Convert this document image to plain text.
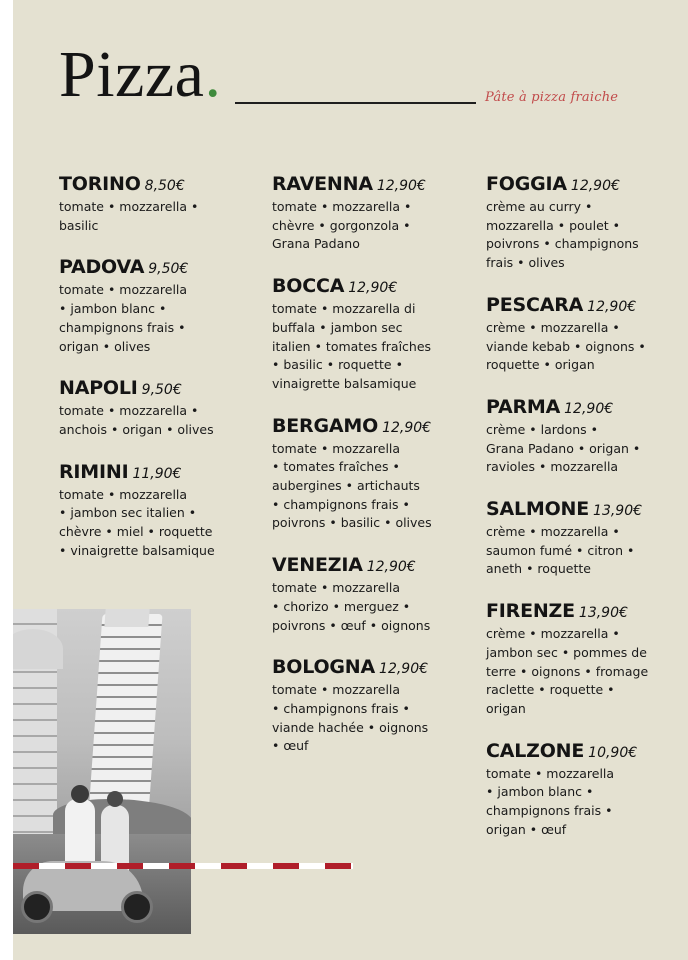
Pizza.	Pâte à pizza fraiche
TORINO 8,50€
tomate • mozzarella •
basilic
PADOVA 9,50€
tomate • mozzarella
• jambon blanc •
champignons frais •
origan • olives
NAPOLI 9,50€
tomate • mozzarella •
anchois • origan • olives
RIMINI 11,90€
tomate • mozzarella
• jambon sec italien •
chèvre • miel • roquette
• vinaigrette balsamique
RAVENNA 12,90€
tomate • mozzarella •
chèvre • gorgonzola •
Grana Padano
BOCCA 12,90€
tomate • mozzarella di
buffala • jambon sec
italien • tomates fraîches
• basilic • roquette •
vinaigrette balsamique
BERGAMO 12,90€
tomate • mozzarella
• tomates fraîches •
aubergines • artichauts
• champignons frais •
poivrons • basilic • olives
VENEZIA 12,90€
tomate • mozzarella
• chorizo • merguez •
poivrons • œuf • oignons
BOLOGNA 12,90€
tomate • mozzarella
• champignons frais •
viande hachée • oignons
• œuf
FOGGIA 12,90€
crème au curry •
mozzarella • poulet •
poivrons • champignons
frais • olives
PESCARA 12,90€
crème • mozzarella •
viande kebab • oignons •
roquette • origan
PARMA 12,90€
crème • lardons •
Grana Padano • origan •
ravioles • mozzarella
SALMONE 13,90€
crème • mozzarella •
saumon fumé • citron •
aneth • roquette
FIRENZE 13,90€
crème • mozzarella •
jambon sec • pommes de
terre • oignons • fromage
raclette • roquette •
origan
CALZONE 10,90€
tomate • mozzarella
• jambon blanc •
champignons frais •
origan • œuf
